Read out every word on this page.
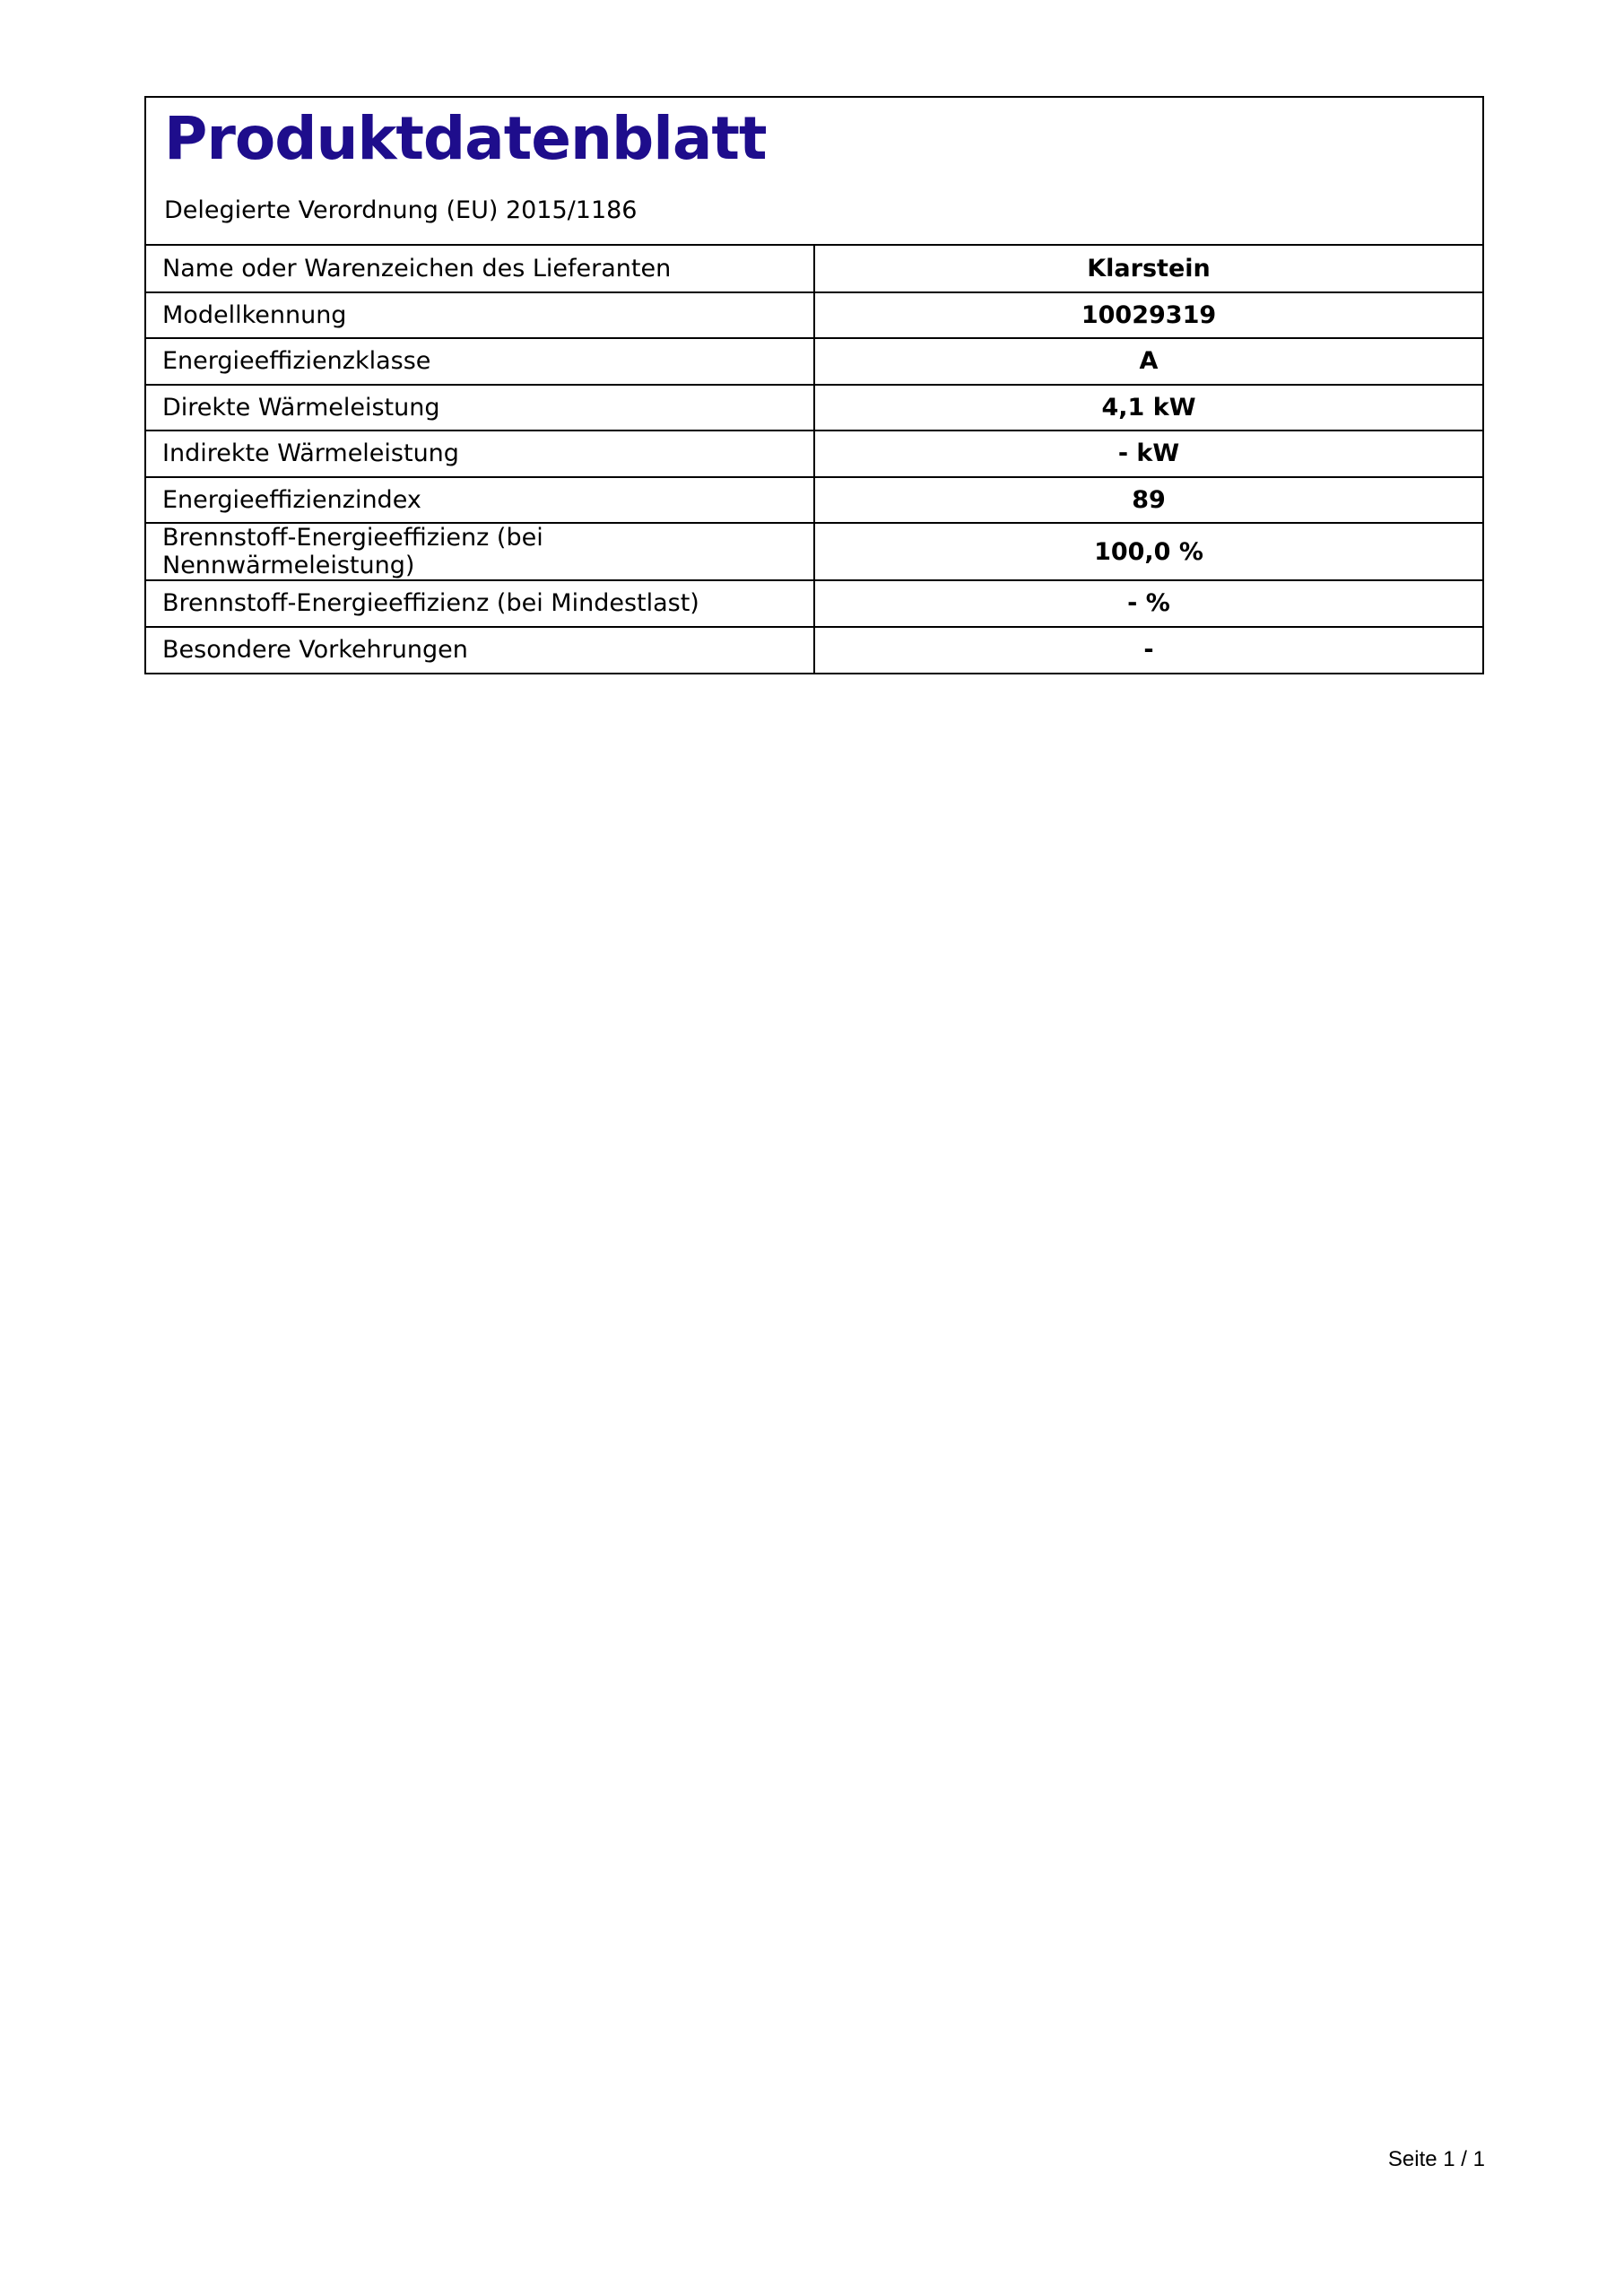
Produktdatenblatt

Delegierte Verordnung (EU) 2015/1186

Name oder Warenzeichen des Lieferanten	Klarstein
Modellkennung	10029319
Energieeffizienzklasse	A
Direkte Wärmeleistung	4,1 kW
Indirekte Wärmeleistung	- kW
Energieeffizienzindex	89
Brennstoff-Energieeffizienz (bei Nennwärmeleistung)	100,0 %
Brennstoff-Energieeffizienz (bei Mindestlast)	- %
Besondere Vorkehrungen	-
Seite 1 / 1
